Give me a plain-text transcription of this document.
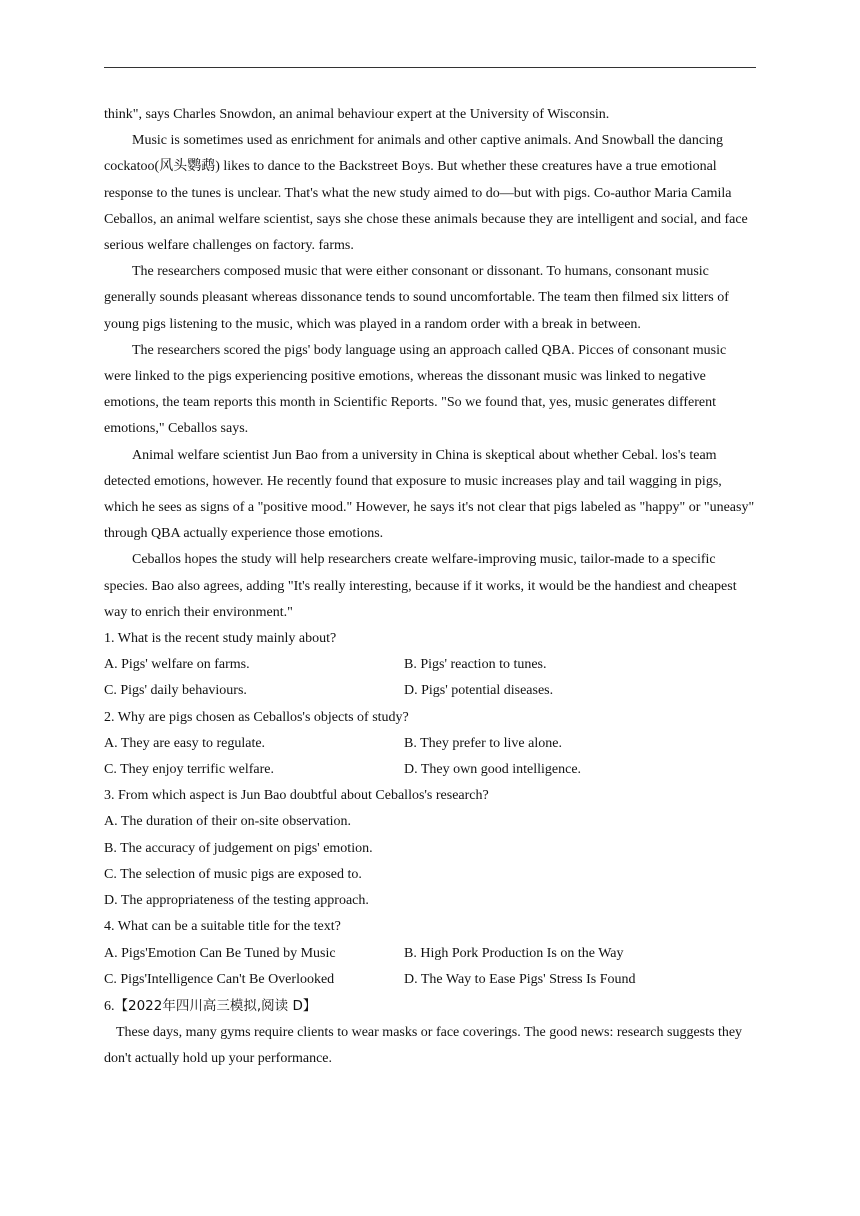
think", says Charles Snowdon, an animal behaviour expert at the University of Wisconsin.

Music is sometimes used as enrichment for animals and other captive animals. And Snowball the dancing cockatoo(风头鹦鹉) likes to dance to the Backstreet Boys. But whether these creatures have a true emotional response to the tunes is unclear. That's what the new study aimed to do—but with pigs. Co-author Maria Camila Ceballos, an animal welfare scientist, says she chose these animals because they are intelligent and social, and face serious welfare challenges on factory. farms.

The researchers composed music that were either consonant or dissonant. To humans, consonant music generally sounds pleasant whereas dissonance tends to sound uncomfortable. The team then filmed six litters of young pigs listening to the music, which was played in a random order with a break in between.

The researchers scored the pigs' body language using an approach called QBA. Picces of consonant music were linked to the pigs experiencing positive emotions, whereas the dissonant music was linked to negative emotions, the team reports this month in Scientific Reports. "So we found that, yes, music generates different emotions," Ceballos says.

Animal welfare scientist Jun Bao from a university in China is skeptical about whether Cebal. los's team detected emotions, however. He recently found that exposure to music increases play and tail wagging in pigs, which he sees as signs of a "positive mood." However, he says it's not clear that pigs labeled as "happy" or "uneasy" through QBA actually experience those emotions.

Ceballos hopes the study will help researchers create welfare-improving music, tailor-made to a specific species. Bao also agrees, adding "It's really interesting, because if it works, it would be the handiest and cheapest way to enrich their environment."

1. What is the recent study mainly about?

A. Pigs' welfare on farms.	B. Pigs' reaction to tunes.
C. Pigs' daily behaviours.	D. Pigs' potential diseases.

2. Why are pigs chosen as Ceballos's objects of study?

A. They are easy to regulate.	B. They prefer to live alone.
C. They enjoy terrific welfare.	D. They own good intelligence.

3. From which aspect is Jun Bao doubtful about Ceballos's research?

A. The duration of their on-site observation.

B. The accuracy of judgement on pigs' emotion.

C. The selection of music pigs are exposed to.

D. The appropriateness of the testing approach.

4. What can be a suitable title for the text?

A. Pigs'Emotion Can Be Tuned by Music	B. High Pork Production Is on the Way
C. Pigs'Intelligence Can't Be Overlooked	D. The Way to Ease Pigs' Stress Is Found

6.【2022年四川高三模拟,阅读 D】

These days, many gyms require clients to wear masks or face coverings. The good news: research suggests they don't actually hold up your performance.
